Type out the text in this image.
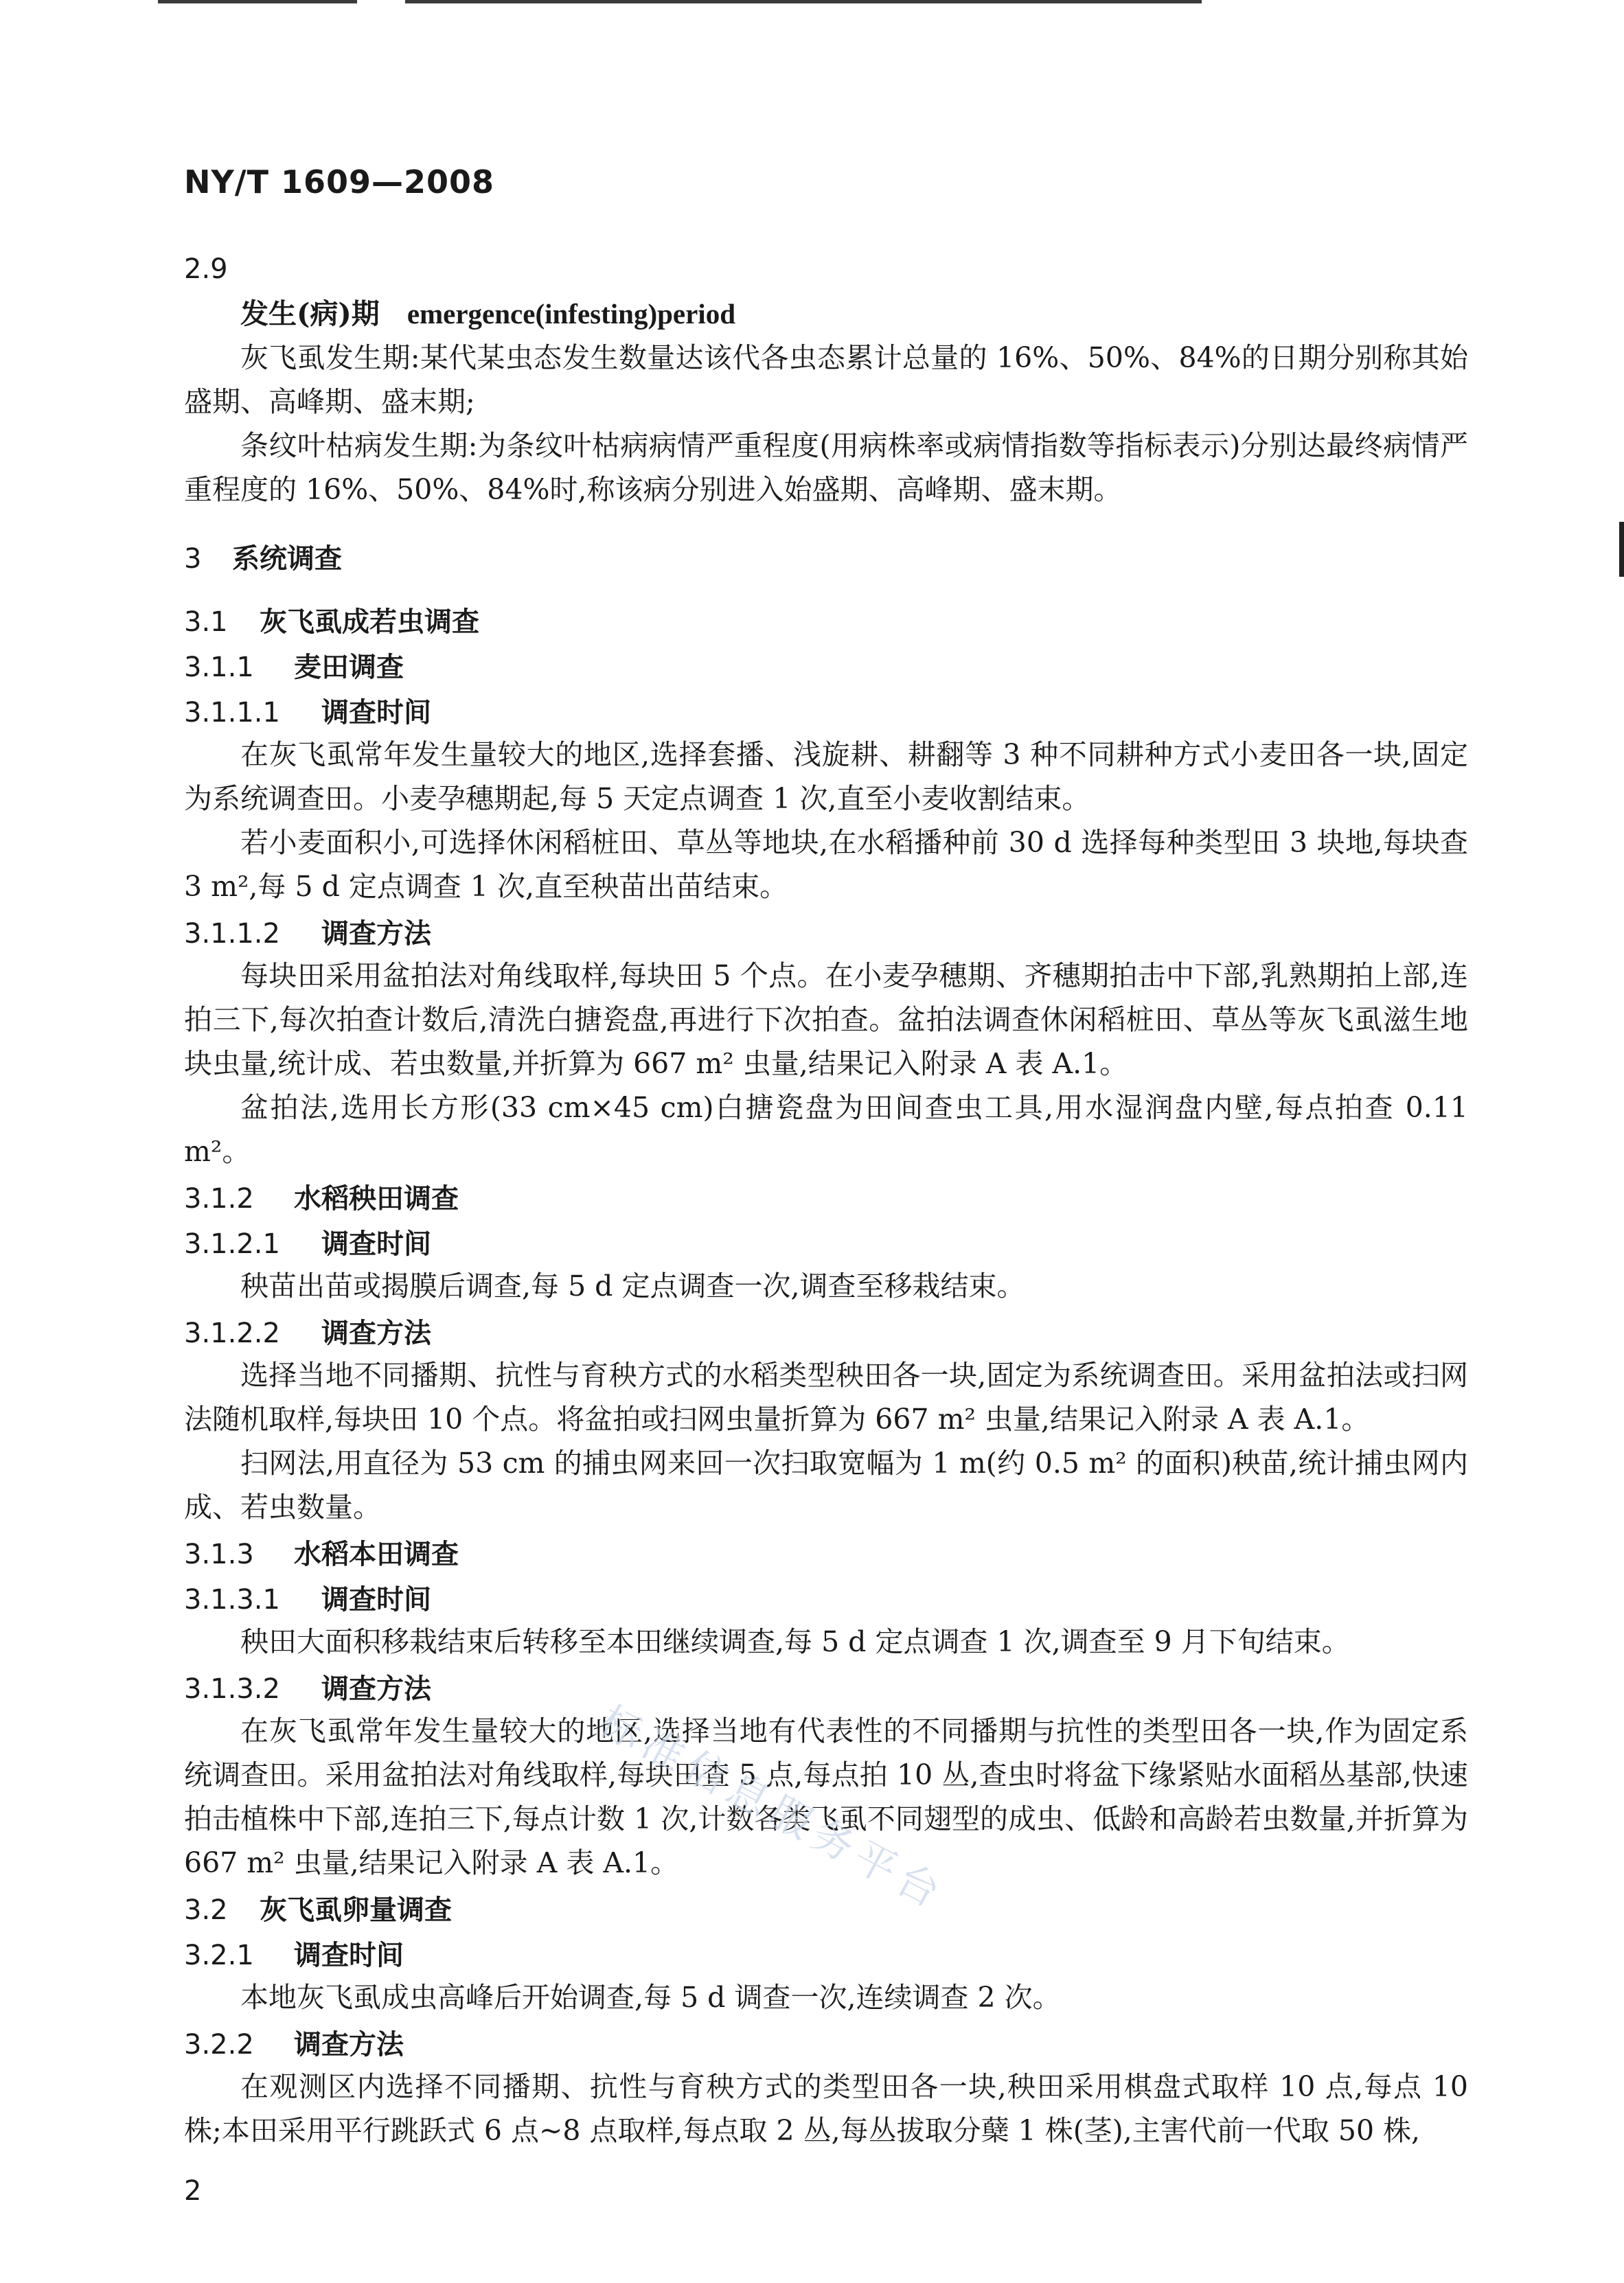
NY/T 1609—2008
2.9
发生(病)期 emergence(infesting)period

灰飞虱发生期:某代某虫态发生数量达该代各虫态累计总量的 16%、50%、84%的日期分别称其始盛期、高峰期、盛末期;

条纹叶枯病发生期:为条纹叶枯病病情严重程度(用病株率或病情指数等指标表示)分别达最终病情严重程度的 16%、50%、84%时,称该病分别进入始盛期、高峰期、盛末期。

3 系统调查
3.1 灰飞虱成若虫调查
3.1.1 麦田调查
3.1.1.1 调查时间

在灰飞虱常年发生量较大的地区,选择套播、浅旋耕、耕翻等 3 种不同耕种方式小麦田各一块,固定为系统调查田。小麦孕穗期起,每 5 天定点调查 1 次,直至小麦收割结束。

若小麦面积小,可选择休闲稻桩田、草丛等地块,在水稻播种前 30 d 选择每种类型田 3 块地,每块查 3 m²,每 5 d 定点调查 1 次,直至秧苗出苗结束。

3.1.1.2 调查方法

每块田采用盆拍法对角线取样,每块田 5 个点。在小麦孕穗期、齐穗期拍击中下部,乳熟期拍上部,连拍三下,每次拍查计数后,清洗白搪瓷盘,再进行下次拍查。盆拍法调查休闲稻桩田、草丛等灰飞虱滋生地块虫量,统计成、若虫数量,并折算为 667 m² 虫量,结果记入附录 A 表 A.1。

盆拍法,选用长方形(33 cm×45 cm)白搪瓷盘为田间查虫工具,用水湿润盘内壁,每点拍查 0.11 m²。

3.1.2 水稻秧田调查
3.1.2.1 调查时间

秧苗出苗或揭膜后调查,每 5 d 定点调查一次,调查至移栽结束。

3.1.2.2 调查方法

选择当地不同播期、抗性与育秧方式的水稻类型秧田各一块,固定为系统调查田。采用盆拍法或扫网法随机取样,每块田 10 个点。将盆拍或扫网虫量折算为 667 m² 虫量,结果记入附录 A 表 A.1。

扫网法,用直径为 53 cm 的捕虫网来回一次扫取宽幅为 1 m(约 0.5 m² 的面积)秧苗,统计捕虫网内成、若虫数量。

3.1.3 水稻本田调查
3.1.3.1 调查时间

秧田大面积移栽结束后转移至本田继续调查,每 5 d 定点调查 1 次,调查至 9 月下旬结束。

3.1.3.2 调查方法

在灰飞虱常年发生量较大的地区,选择当地有代表性的不同播期与抗性的类型田各一块,作为固定系统调查田。采用盆拍法对角线取样,每块田查 5 点,每点拍 10 丛,查虫时将盆下缘紧贴水面稻丛基部,快速拍击植株中下部,连拍三下,每点计数 1 次,计数各类飞虱不同翅型的成虫、低龄和高龄若虫数量,并折算为 667 m² 虫量,结果记入附录 A 表 A.1。

3.2 灰飞虱卵量调查
3.2.1 调查时间

本地灰飞虱成虫高峰后开始调查,每 5 d 调查一次,连续调查 2 次。

3.2.2 调查方法

在观测区内选择不同播期、抗性与育秧方式的类型田各一块,秧田采用棋盘式取样 10 点,每点 10 株;本田采用平行跳跃式 6 点~8 点取样,每点取 2 丛,每丛拔取分蘖 1 株(茎),主害代前一代取 50 株,

标准信息服务平台
2
